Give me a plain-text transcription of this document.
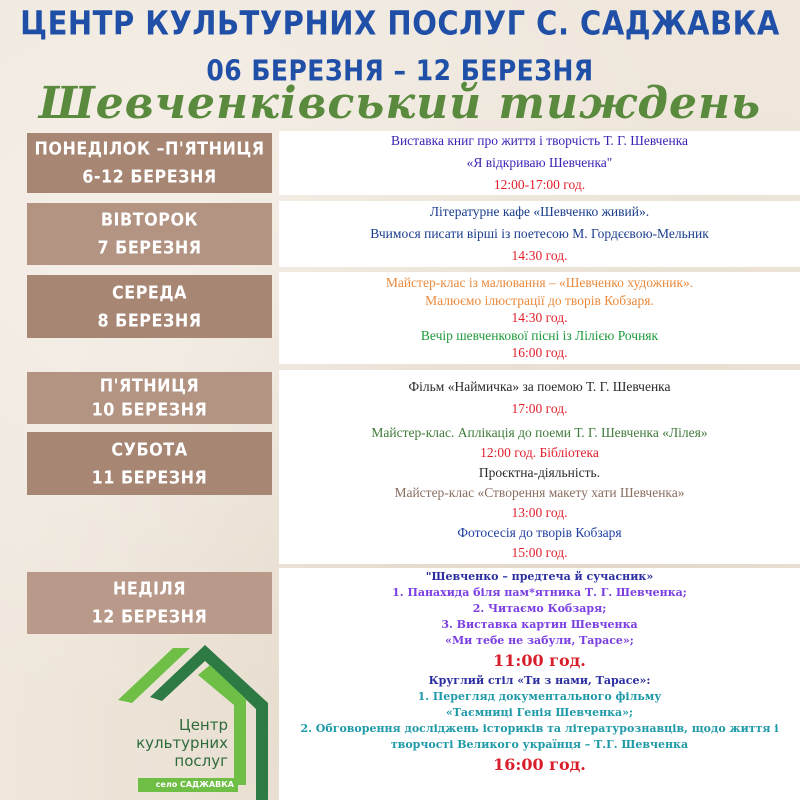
ЦЕНТР КУЛЬТУРНИХ ПОСЛУГ С. САДЖАВКА
06 БЕРЕЗНЯ – 12 БЕРЕЗНЯ
Шевченківський тиждень
ПОНЕДІЛОК –П'ЯТНИЦЯ
6-12 БЕРЕЗНЯ
Виставка книг про життя і творчість Т. Г. Шевченка
«Я відкриваю Шевченка"
12:00-17:00 год.
ВІВТОРОК
7 БЕРЕЗНЯ
Літературне кафе «Шевченко живий».
Вчимося писати вірші із поетесою М. Гордєєвою-Мельник
14:30 год.
СЕРЕДА
8 БЕРЕЗНЯ
Майстер-клас із малювання – «Шевченко художник».
Малюємо ілюстрації до творів Кобзаря.
14:30 год.
Вечір шевченкової пісні із Лілією Рочняк
16:00 год.
П'ЯТНИЦЯ
10 БЕРЕЗНЯ
Фільм «Наймичка» за поемою Т. Г. Шевченка
17:00 год.
СУБОТА
11 БЕРЕЗНЯ
Майстер-клас. Аплікація до поеми Т. Г. Шевченка «Лілея»
12:00 год. Бібліотека
Проєктна-діяльність.
Майстер-клас «Створення макету хати Шевченка»
13:00 год.
Фотосесія до творів Кобзаря
15:00 год.
НЕДІЛЯ
12 БЕРЕЗНЯ
"Шевченко – предтеча й сучасник»
1. Панахида біля пам*ятника Т. Г. Шевченка;
2. Читаємо Кобзаря;
3. Виставка картин Шевченка
«Ми тебе не забули, Тарасе»;
11:00 год.
Круглий стіл «Ти з нами, Тарасе»:
1. Перегляд документального фільму
«Таємниці Генія Шевченка»;
2. Обговорення досліджень істориків та літературознавців, щодо життя і
творчості Великого українця – Т.Г. Шевченка
16:00 год.
Центр
культурних
послуг
село САДЖАВКА
